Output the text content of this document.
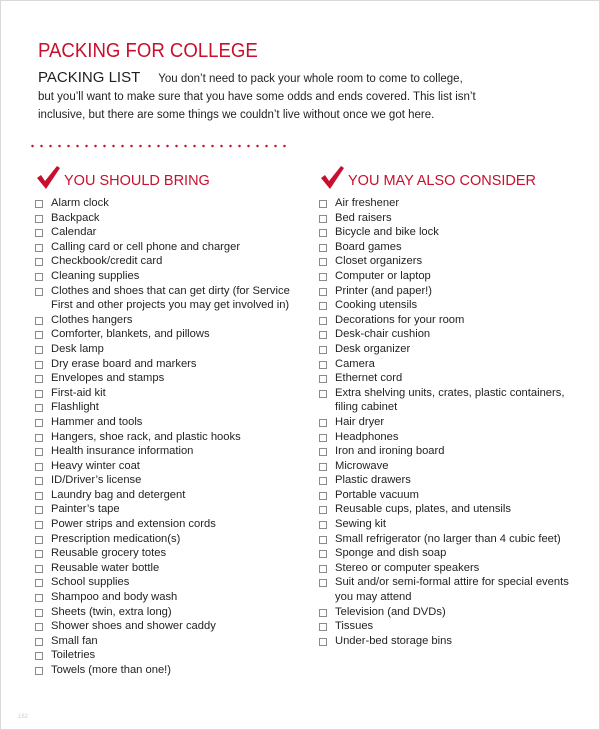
PACKING FOR COLLEGE
PACKING LIST You don’t need to pack your whole room to come to college, but you’ll want to make sure that you have some odds and ends covered. This list isn’t inclusive, but there are some things we couldn’t live without once we got here.
YOU SHOULD BRING
Alarm clock
Backpack
Calendar
Calling card or cell phone and charger
Checkbook/credit card
Cleaning supplies
Clothes and shoes that can get dirty (for Service First and other projects you may get involved in)
Clothes hangers
Comforter, blankets, and pillows
Desk lamp
Dry erase board and markers
Envelopes and stamps
First-aid kit
Flashlight
Hammer and tools
Hangers, shoe rack, and plastic hooks
Health insurance information
Heavy winter coat
ID/Driver’s license
Laundry bag and detergent
Painter’s tape
Power strips and extension cords
Prescription medication(s)
Reusable grocery totes
Reusable water bottle
School supplies
Shampoo and body wash
Sheets (twin, extra long)
Shower shoes and shower caddy
Small fan
Toiletries
Towels (more than one!)
YOU MAY ALSO CONSIDER
Air freshener
Bed raisers
Bicycle and bike lock
Board games
Closet organizers
Computer or laptop
Printer (and paper!)
Cooking utensils
Decorations for your room
Desk-chair cushion
Desk organizer
Camera
Ethernet cord
Extra shelving units, crates, plastic containers, filing cabinet
Hair dryer
Headphones
Iron and ironing board
Microwave
Plastic drawers
Portable vacuum
Reusable cups, plates, and utensils
Sewing kit
Small refrigerator (no larger than 4 cubic feet)
Sponge and dish soap
Stereo or computer speakers
Suit and/or semi-formal attire for special events you may attend
Television (and DVDs)
Tissues
Under-bed storage bins
162
